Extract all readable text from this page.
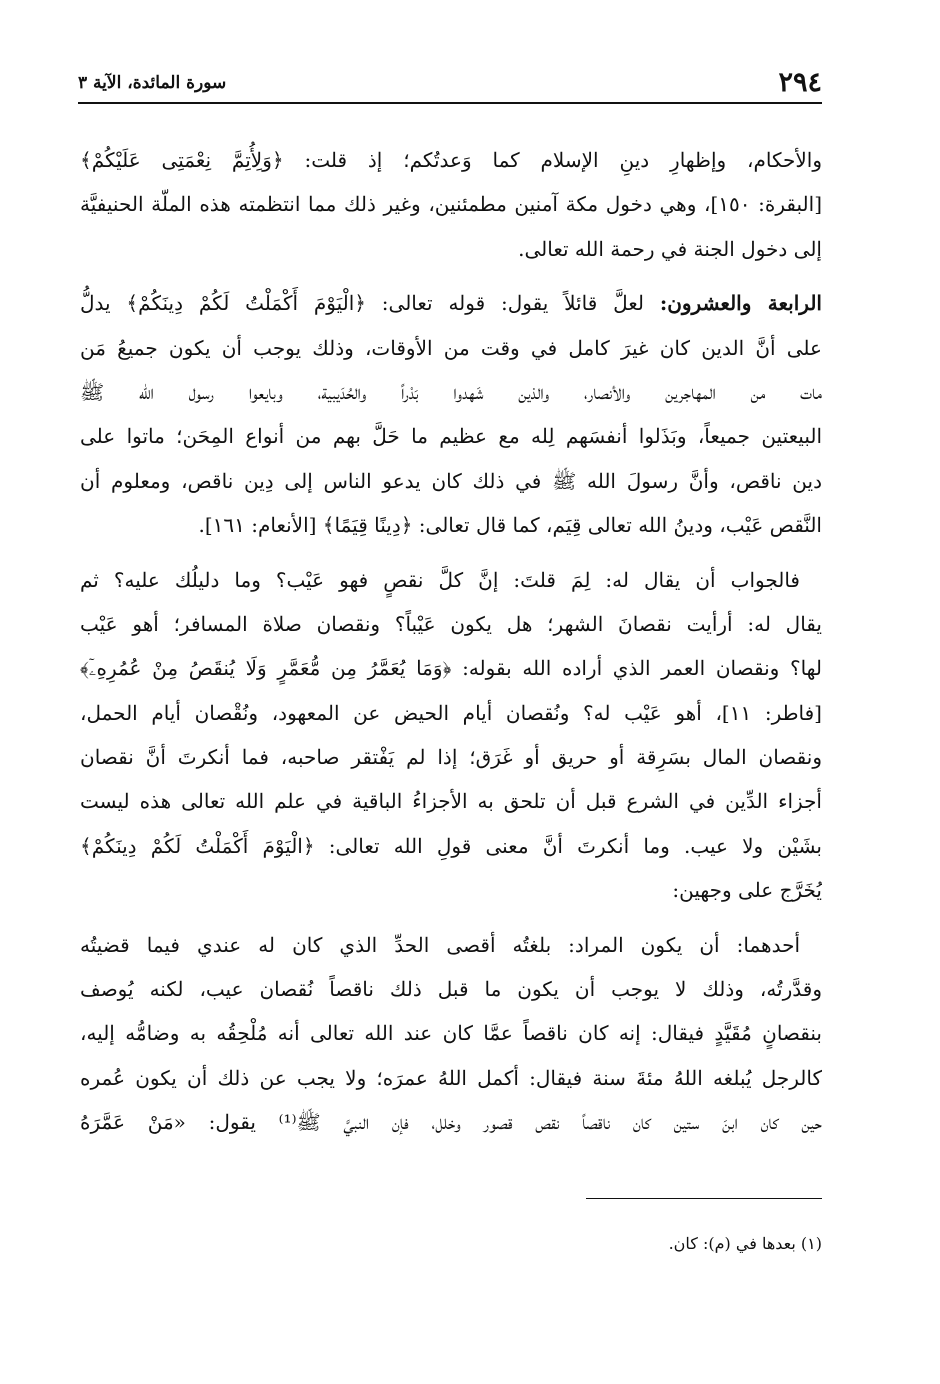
٢٩٤
سورة المائدة، الآية ٣
والأحكام، وإظهارِ دينِ الإسلام كما وَعدتُكم؛ إذ قلت: ﴿وَلِأُتِمَّ نِعْمَتِى عَلَيْكُمْ﴾
[البقرة: ١٥٠]، وهي دخول مكة آمنين مطمئنين، وغير ذلك مما انتظمته هذه الملّة الحنيفيَّة
إلى دخول الجنة في رحمة الله تعالى.
الرابعة والعشرون: لعلَّ قائلاً يقول: قوله تعالى: ﴿الْيَوْمَ أَكْمَلْتُ لَكُمْ دِينَكُمْ﴾ يدلُّ
على أنَّ الدين كان غيرَ كامل في وقت من الأوقات، وذلك يوجب أن يكون جميعُ مَن
مات من المهاجرين والأنصار، والذين شَهدوا بَدْراً والحُدَيبية، وبايعوا رسول الله ﷺ
البيعتين جميعاً، وبَذَلوا أنفسَهم لِله مع عظيم ما حَلَّ بهم من أنواع المِحَن؛ ماتوا على
دين ناقص، وأنَّ رسولَ الله ﷺ في ذلك كان يدعو الناس إلى دِين ناقص، ومعلوم أن
النَّقص عَيْب، ودينُ الله تعالى قِيَم، كما قال تعالى: ﴿دِينًا قِيَمًا﴾ [الأنعام: ١٦١].
فالجواب أن يقال له: لِمَ قلتَ: إنَّ كلَّ نقصٍ فهو عَيْب؟ وما دليلُك عليه؟ ثم
يقال له: أرأيت نقصانَ الشهر؛ هل يكون عَيْباً؟ ونقصان صلاة المسافر؛ أهو عَيْب
لها؟ ونقصان العمر الذي أراده الله بقوله: ﴿وَمَا يُعَمَّرُ مِن مُّعَمَّرٍ وَلَا يُنقَصُ مِنْ عُمُرِهِۦٓ﴾
[فاطر: ١١]، أهو عَيْب له؟ ونُقصان أيام الحيض عن المعهود، ونُقْصان أيام الحمل،
ونقصان المال بسَرِقة أو حريق أو غَرَق؛ إذا لم يَفْتقر صاحبه، فما أنكرتَ أنَّ نقصان
أجزاء الدِّين في الشرع قبل أن تلحق به الأجزاءُ الباقية في علم الله تعالى هذه ليست
بشَيْن ولا عيب. وما أنكرتَ أنَّ معنى قولِ الله تعالى: ﴿الْيَوْمَ أَكْمَلْتُ لَكُمْ دِينَكُمْ﴾
يُخَرَّج على وجهين:
أحدهما: أن يكون المراد: بلغتُه أقصى الحدِّ الذي كان له عندي فيما قضيتُه
وقدَّرتُه، وذلك لا يوجب أن يكون ما قبل ذلك ناقصاً نُقصان عيب، لكنه يُوصف
بنقصانٍ مُقَيَّدٍ فيقال: إنه كان ناقصاً عمَّا كان عند الله تعالى أنه مُلْحِقُه به وضامُّه إليه،
كالرجل يُبلغه اللهُ مئةَ سنة فيقال: أكمل اللهُ عمرَه؛ ولا يجب عن ذلك أن يكون عُمره
حين كان ابنَ ستين كان ناقصاً نقص قصور وخلل، فإن النبيَّ ﷺ⁽¹⁾ يقول: «مَنْ عَمَّرَهُ
(١) بعدها في (م): كان.
